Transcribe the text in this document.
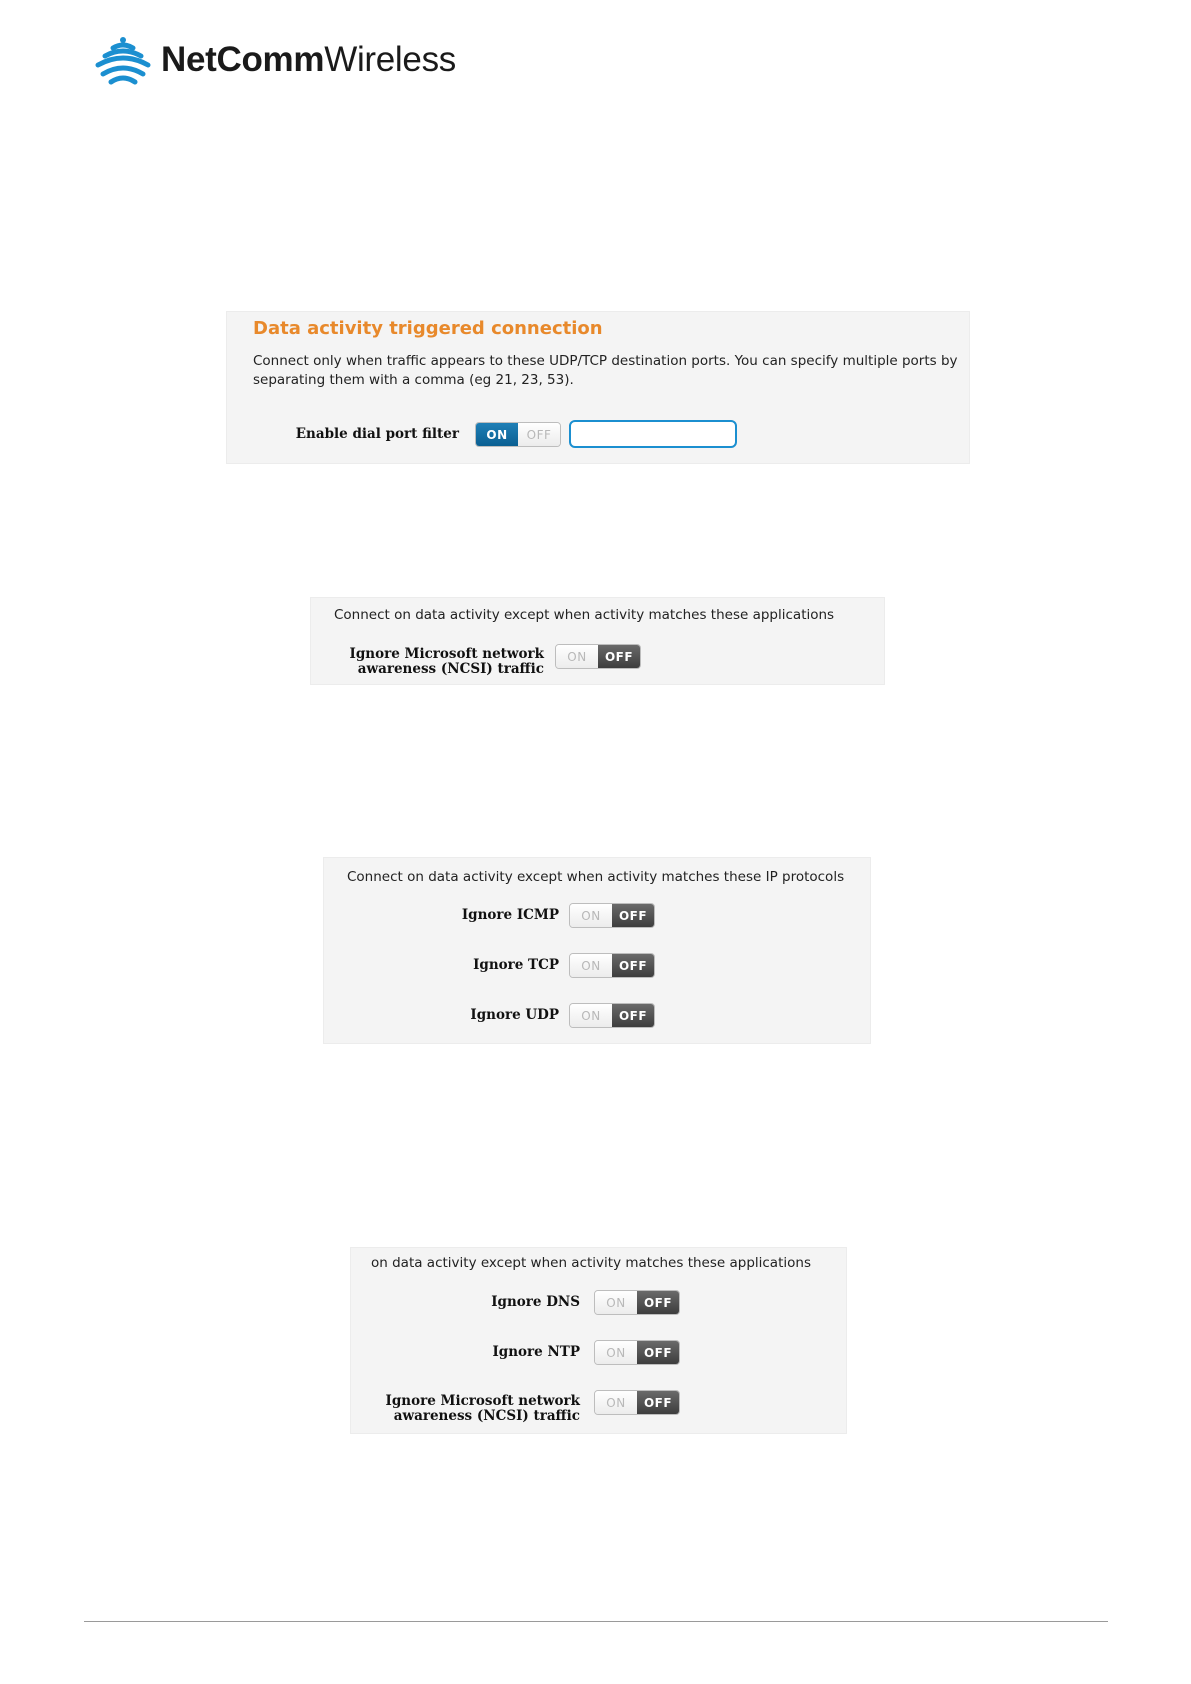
NetCommWireless
Data activity triggered connection
Connect only when traffic appears to these UDP/TCP destination ports. You can specify multiple ports by
separating them with a comma (eg 21, 23, 53).
Enable dial port filter	ON	OFF
Connect on data activity except when activity matches these applications
Ignore Microsoft network
awareness (NCSI) traffic
ON	OFF
Connect on data activity except when activity matches these IP protocols
Ignore ICMP	ON	OFF
Ignore TCP	ON	OFF
Ignore UDP	ON	OFF
on data activity except when activity matches these applications
Ignore DNS	ON	OFF
Ignore NTP	ON	OFF
Ignore Microsoft network
awareness (NCSI) traffic
ON	OFF
